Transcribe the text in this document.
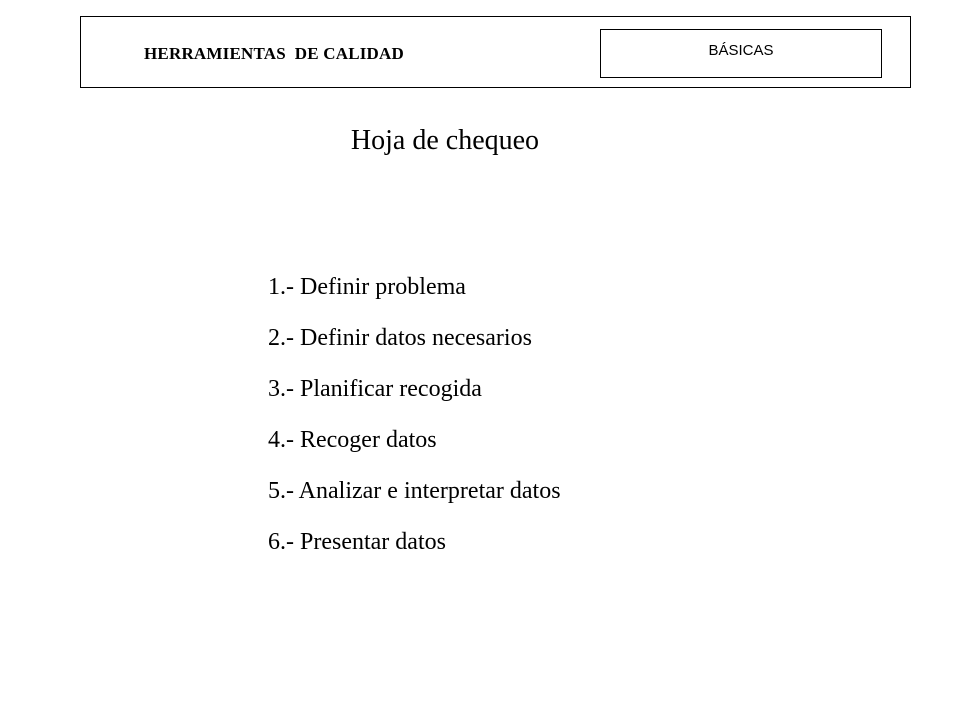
HERRAMIENTAS  DE CALIDAD	BÁSICAS
Hoja de chequeo
1.- Definir problema
2.- Definir datos necesarios
3.- Planificar recogida
4.- Recoger datos
5.- Analizar e interpretar datos
6.- Presentar datos
